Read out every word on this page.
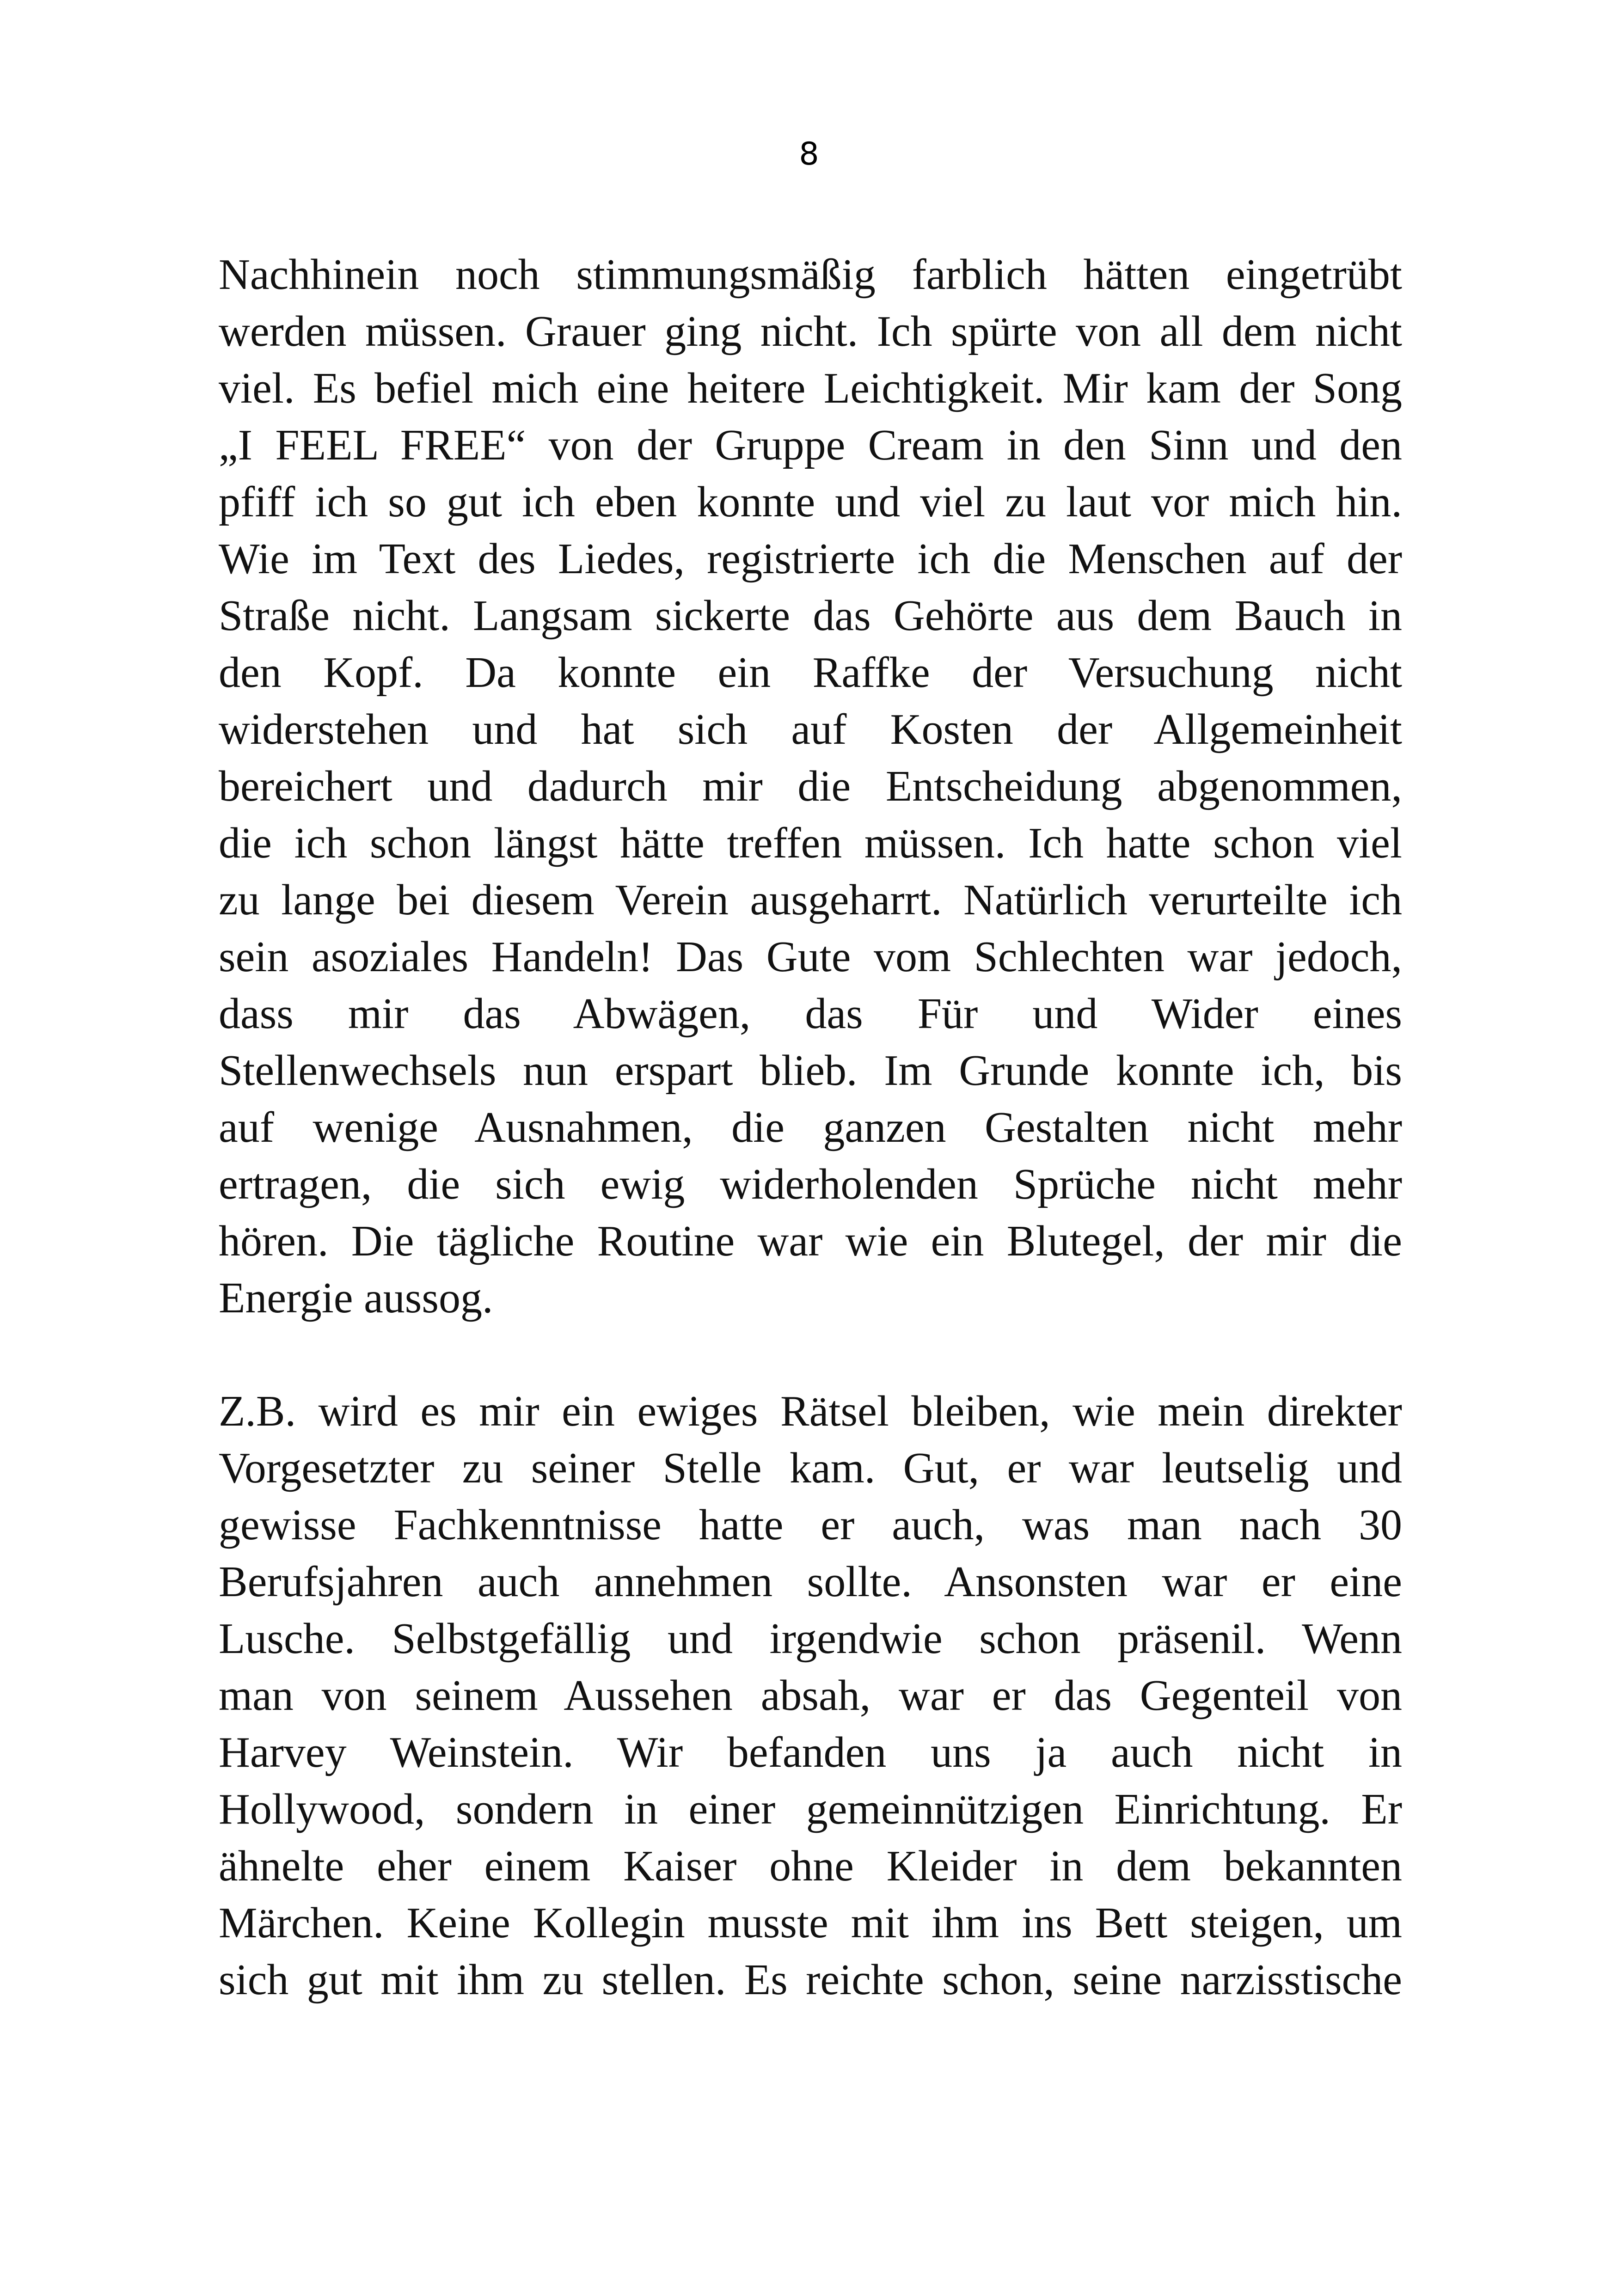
8
Nachhinein noch stimmungsmäßig farblich hätten eingetrübt
werden müssen. Grauer ging nicht. Ich spürte von all dem nicht
viel. Es befiel mich eine heitere Leichtigkeit. Mir kam der Song
„I FEEL FREE“ von der Gruppe Cream in den Sinn und den
pfiff ich so gut ich eben konnte und viel zu laut vor mich hin.
Wie im Text des Liedes, registrierte ich die Menschen auf der
Straße nicht. Langsam sickerte das Gehörte aus dem Bauch in
den Kopf. Da konnte ein Raffke der Versuchung nicht
widerstehen und hat sich auf Kosten der Allgemeinheit
bereichert und dadurch mir die Entscheidung abgenommen,
die ich schon längst hätte treffen müssen. Ich hatte schon viel
zu lange bei diesem Verein ausgeharrt. Natürlich verurteilte ich
sein asoziales Handeln! Das Gute vom Schlechten war jedoch,
dass mir das Abwägen, das Für und Wider eines
Stellenwechsels nun erspart blieb. Im Grunde konnte ich, bis
auf wenige Ausnahmen, die ganzen Gestalten nicht mehr
ertragen, die sich ewig widerholenden Sprüche nicht mehr
hören. Die tägliche Routine war wie ein Blutegel, der mir die
Energie aussog.
Z.B. wird es mir ein ewiges Rätsel bleiben, wie mein direkter
Vorgesetzter zu seiner Stelle kam. Gut, er war leutselig und
gewisse Fachkenntnisse hatte er auch, was man nach 30
Berufsjahren auch annehmen sollte. Ansonsten war er eine
Lusche. Selbstgefällig und irgendwie schon präsenil. Wenn
man von seinem Aussehen absah, war er das Gegenteil von
Harvey Weinstein. Wir befanden uns ja auch nicht in
Hollywood, sondern in einer gemeinnützigen Einrichtung. Er
ähnelte eher einem Kaiser ohne Kleider in dem bekannten
Märchen. Keine Kollegin musste mit ihm ins Bett steigen, um
sich gut mit ihm zu stellen. Es reichte schon, seine narzisstische
